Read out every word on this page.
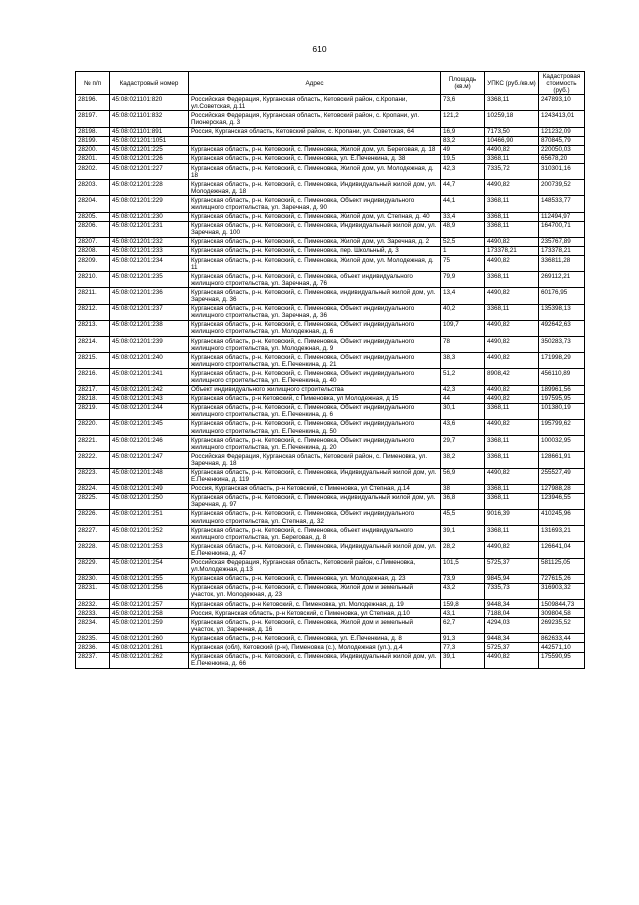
610
№ п/п	Кадастровый номер	Адрес	Площадь (кв.м)	УПКС (руб./кв.м)	Кадастровая стоимость (руб.)
28196.	45:08:021101:820	Российская Федерация, Курганская область, Кетовский район, с.Кропани, ул.Советская, д.11	73,6	3368,11	247893,10
28197.	45:08:021101:832	Российская Федерация, Курганская область, Кетовский район, с. Кропани, ул. Пионерская, д. 3	121,2	10259,18	1243413,01
28198.	45:08:021101:891	Россия, Курганская область, Кетовский район, с. Кропани, ул. Советская, 64	16,9	7173,50	121232,09
28199.	45:08:021201:1051		83,2	10466,90	870845,79
28200.	45:08:021201:225	Курганская область, р-н. Кетовский, с. Пименовка, Жилой дом, ул. Береговая, д. 18	49	4490,82	220050,03
28201.	45:08:021201:226	Курганская область, р-н. Кетовский, с. Пименовка, ул. Е.Печенкина, д. 38	19,5	3368,11	65678,20
28202.	45:08:021201:227	Курганская область, р-н. Кетовский, с. Пименовка, Жилой дом, ул. Молодежная, д. 18	42,3	7335,72	310301,16
28203.	45:08:021201:228	Курганская область, р-н. Кетовский, с. Пименовка, Индивидуальный жилой дом, ул. Молодежная, д. 18	44,7	4490,82	200739,52
28204.	45:08:021201:229	Курганская область, р-н. Кетовский, с. Пименовка, Объект индивидуального жилищного строительства, ул. Заречная, д. 90	44,1	3368,11	148533,77
28205.	45:08:021201:230	Курганская область, р-н. Кетовский, с. Пименовка, Жилой дом, ул. Степная, д. 40	33,4	3368,11	112494,97
28206.	45:08:021201:231	Курганская область, р-н. Кетовский, с. Пименовка, Индивидуальный жилой дом, ул. Заречная, д. 100	48,9	3368,11	164700,71
28207.	45:08:021201:232	Курганская область, р-н. Кетовский, с. Пименовка, Жилой дом, ул. Заречная, д. 2	52,5	4490,82	235767,89
28208.	45:08:021201:233	Курганская область, р-н. Кетовский, с. Пименовка, пер. Школьный, д. 3	1	173378,21	173378,21
28209.	45:08:021201:234	Курганская область, р-н. Кетовский, с. Пименовка, Жилой дом, ул. Молодежная, д. 11	75	4490,82	336811,28
28210.	45:08:021201:235	Курганская область, р-н. Кетовский, с. Пименовка, объект индивидуального жилищного строительства, ул. Заречная, д. 76	79,9	3368,11	269112,21
28211.	45:08:021201:236	Курганская область, р-н. Кетовский, с. Пименовка, индивидуальный жилой дом, ул. Заречная, д. 36	13,4	4490,82	60176,95
28212.	45:08:021201:237	Курганская область, р-н. Кетовский, с. Пименовка, Объект индивидуального жилищного строительства, ул. Заречная, д. 36	40,2	3368,11	135398,13
28213.	45:08:021201:238	Курганская область, р-н. Кетовский, с. Пименовка, Объект индивидуального жилищного строительства, ул. Молодежная, д. 6	109,7	4490,82	492642,63
28214.	45:08:021201:239	Курганская область, р-н. Кетовский, с. Пименовка, Объект индивидуального жилищного строительства, ул. Молодежная, д. 9	78	4490,82	350283,73
28215.	45:08:021201:240	Курганская область, р-н. Кетовский, с. Пименовка, Объект индивидуального жилищного строительства, ул. Е.Печенкина, д. 21	38,3	4490,82	171998,29
28216.	45:08:021201:241	Курганская область, р-н. Кетовский, с. Пименовка, Объект индивидуального жилищного строительства, ул. Е.Печенкина, д. 40	51,2	8908,42	456110,89
28217.	45:08:021201:242	Объект индивидуального жилищного строительства	42,3	4490,82	189961,56
28218.	45:08:021201:243	Курганская область, р-н Кетовский, с Пименовка, ул Молодежная, д 15	44	4490,82	197595,95
28219.	45:08:021201:244	Курганская область, р-н. Кетовский, с. Пименовка, Объект индивидуального жилищного строительства, ул. Е.Печенкина, д. 6	30,1	3368,11	101380,19
28220.	45:08:021201:245	Курганская область, р-н. Кетовский, с. Пименовка, Объект индивидуального жилищного строительства, ул. Е.Печенкина, д. 50	43,6	4490,82	195799,62
28221.	45:08:021201:246	Курганская область, р-н. Кетовский, с. Пименовка, Объект индивидуального жилищного строительства, ул. Е.Печенкина, д. 20	29,7	3368,11	100032,95
28222.	45:08:021201:247	Российская Федерация, Курганская область, Кетовский район, с. Пименовка, ул. Заречная, д. 18	38,2	3368,11	128661,91
28223.	45:08:021201:248	Курганская область, р-н. Кетовский, с. Пименовка, Индивидуальный жилой дом, ул. Е.Печенкина, д. 119	56,9	4490,82	255527,49
28224.	45:08:021201:249	Россия, Курганская область, р-н Кетовский, с Пименовка, ул Степная, д.14	38	3368,11	127988,28
28225.	45:08:021201:250	Курганская область, р-н. Кетовский, с. Пименовка, индивидуальный жилой дом, ул. Заречная, д. 97	36,8	3368,11	123946,55
28226.	45:08:021201:251	Курганская область, р-н. Кетовский, с. Пименовка, Объект индивидуального жилищного строительства, ул. Степная, д. 32	45,5	9016,39	410245,96
28227.	45:08:021201:252	Курганская область, р-н. Кетовский, с. Пименовка, объект индивидуального жилищного строительства, ул. Береговая, д. 8	39,1	3368,11	131693,21
28228.	45:08:021201:253	Курганская область, р-н. Кетовский, с. Пименовка, Индивидуальный жилой дом, ул. Е.Печенкина, д. 47	28,2	4490,82	126641,04
28229.	45:08:021201:254	Российская Федерация, Курганская область, Кетовский район, с.Пименовка, ул.Молодежная, д.13	101,5	5725,37	581125,05
28230.	45:08:021201:255	Курганская область, р-н. Кетовский, с. Пименовка, ул. Молодежная, д. 23	73,9	9845,94	727615,26
28231.	45:08:021201:256	Курганская область, р-н. Кетовский, с. Пименовка, Жилой дом и земельный участок, ул. Молодежная, д. 23	43,2	7335,73	316903,32
28232.	45:08:021201:257	Курганская область, р-н Кетовский, с. Пименовка, ул. Молодежная, д. 19	159,8	9448,34	1509844,73
28233.	45:08:021201:258	Россия, Курганская область, р-н Кетовский, с Пименовка, ул Степная, д.10	43,1	7188,04	309804,58
28234.	45:08:021201:259	Курганская область, р-н. Кетовский, с. Пименовка, Жилой дом и земельный участок, ул. Заречная, д. 16	62,7	4294,03	269235,52
28235.	45:08:021201:260	Курганская область, р-н. Кетовский, с. Пименовка, ул. Е.Печенкина, д. 8	91,3	9448,34	862633,44
28236.	45:08:021201:261	Курганская (обл), Кетовский (р-н), Пименовка (с.), Молодежная (ул.), д.4	77,3	5725,37	442571,10
28237.	45:08:021201:262	Курганская область, р-н. Кетовский, с. Пименовка, Индивидуальный жилой дом, ул. Е.Печенкина, д. 66	39,1	4490,82	175590,95
